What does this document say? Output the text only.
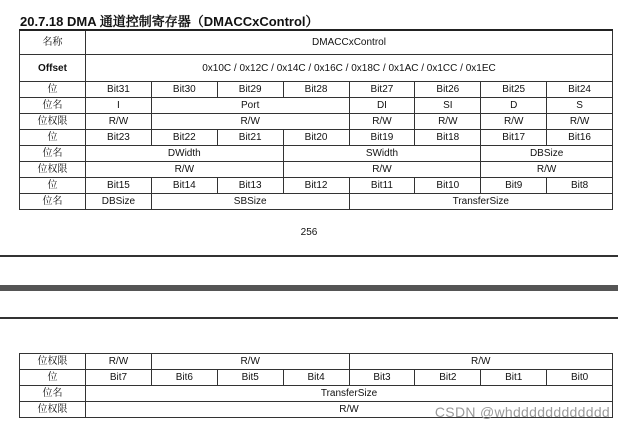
20.7.18 DMA 通道控制寄存器（DMACCxControl）
名称	DMACCxControl							
Offset	0x10C / 0x12C / 0x14C / 0x16C / 0x18C / 0x1AC / 0x1CC / 0x1EC							
位	Bit31	Bit30	Bit29	Bit28	Bit27	Bit26	Bit25	Bit24
位名	I	Port			DI	SI	D	S
位权限	R/W	R/W			R/W	R/W	R/W	R/W
位	Bit23	Bit22	Bit21	Bit20	Bit19	Bit18	Bit17	Bit16
位名	DWidth			SWidth			DBSize	
位权限	R/W			R/W			R/W	
位	Bit15	Bit14	Bit13	Bit12	Bit11	Bit10	Bit9	Bit8
位名	DBSize	SBSize			TransferSize			
256
位权限	R/W	R/W			R/W			
位	Bit7	Bit6	Bit5	Bit4	Bit3	Bit2	Bit1	Bit0
位名	TransferSize							
位权限	R/W								CSDN @whdddddddddddd
